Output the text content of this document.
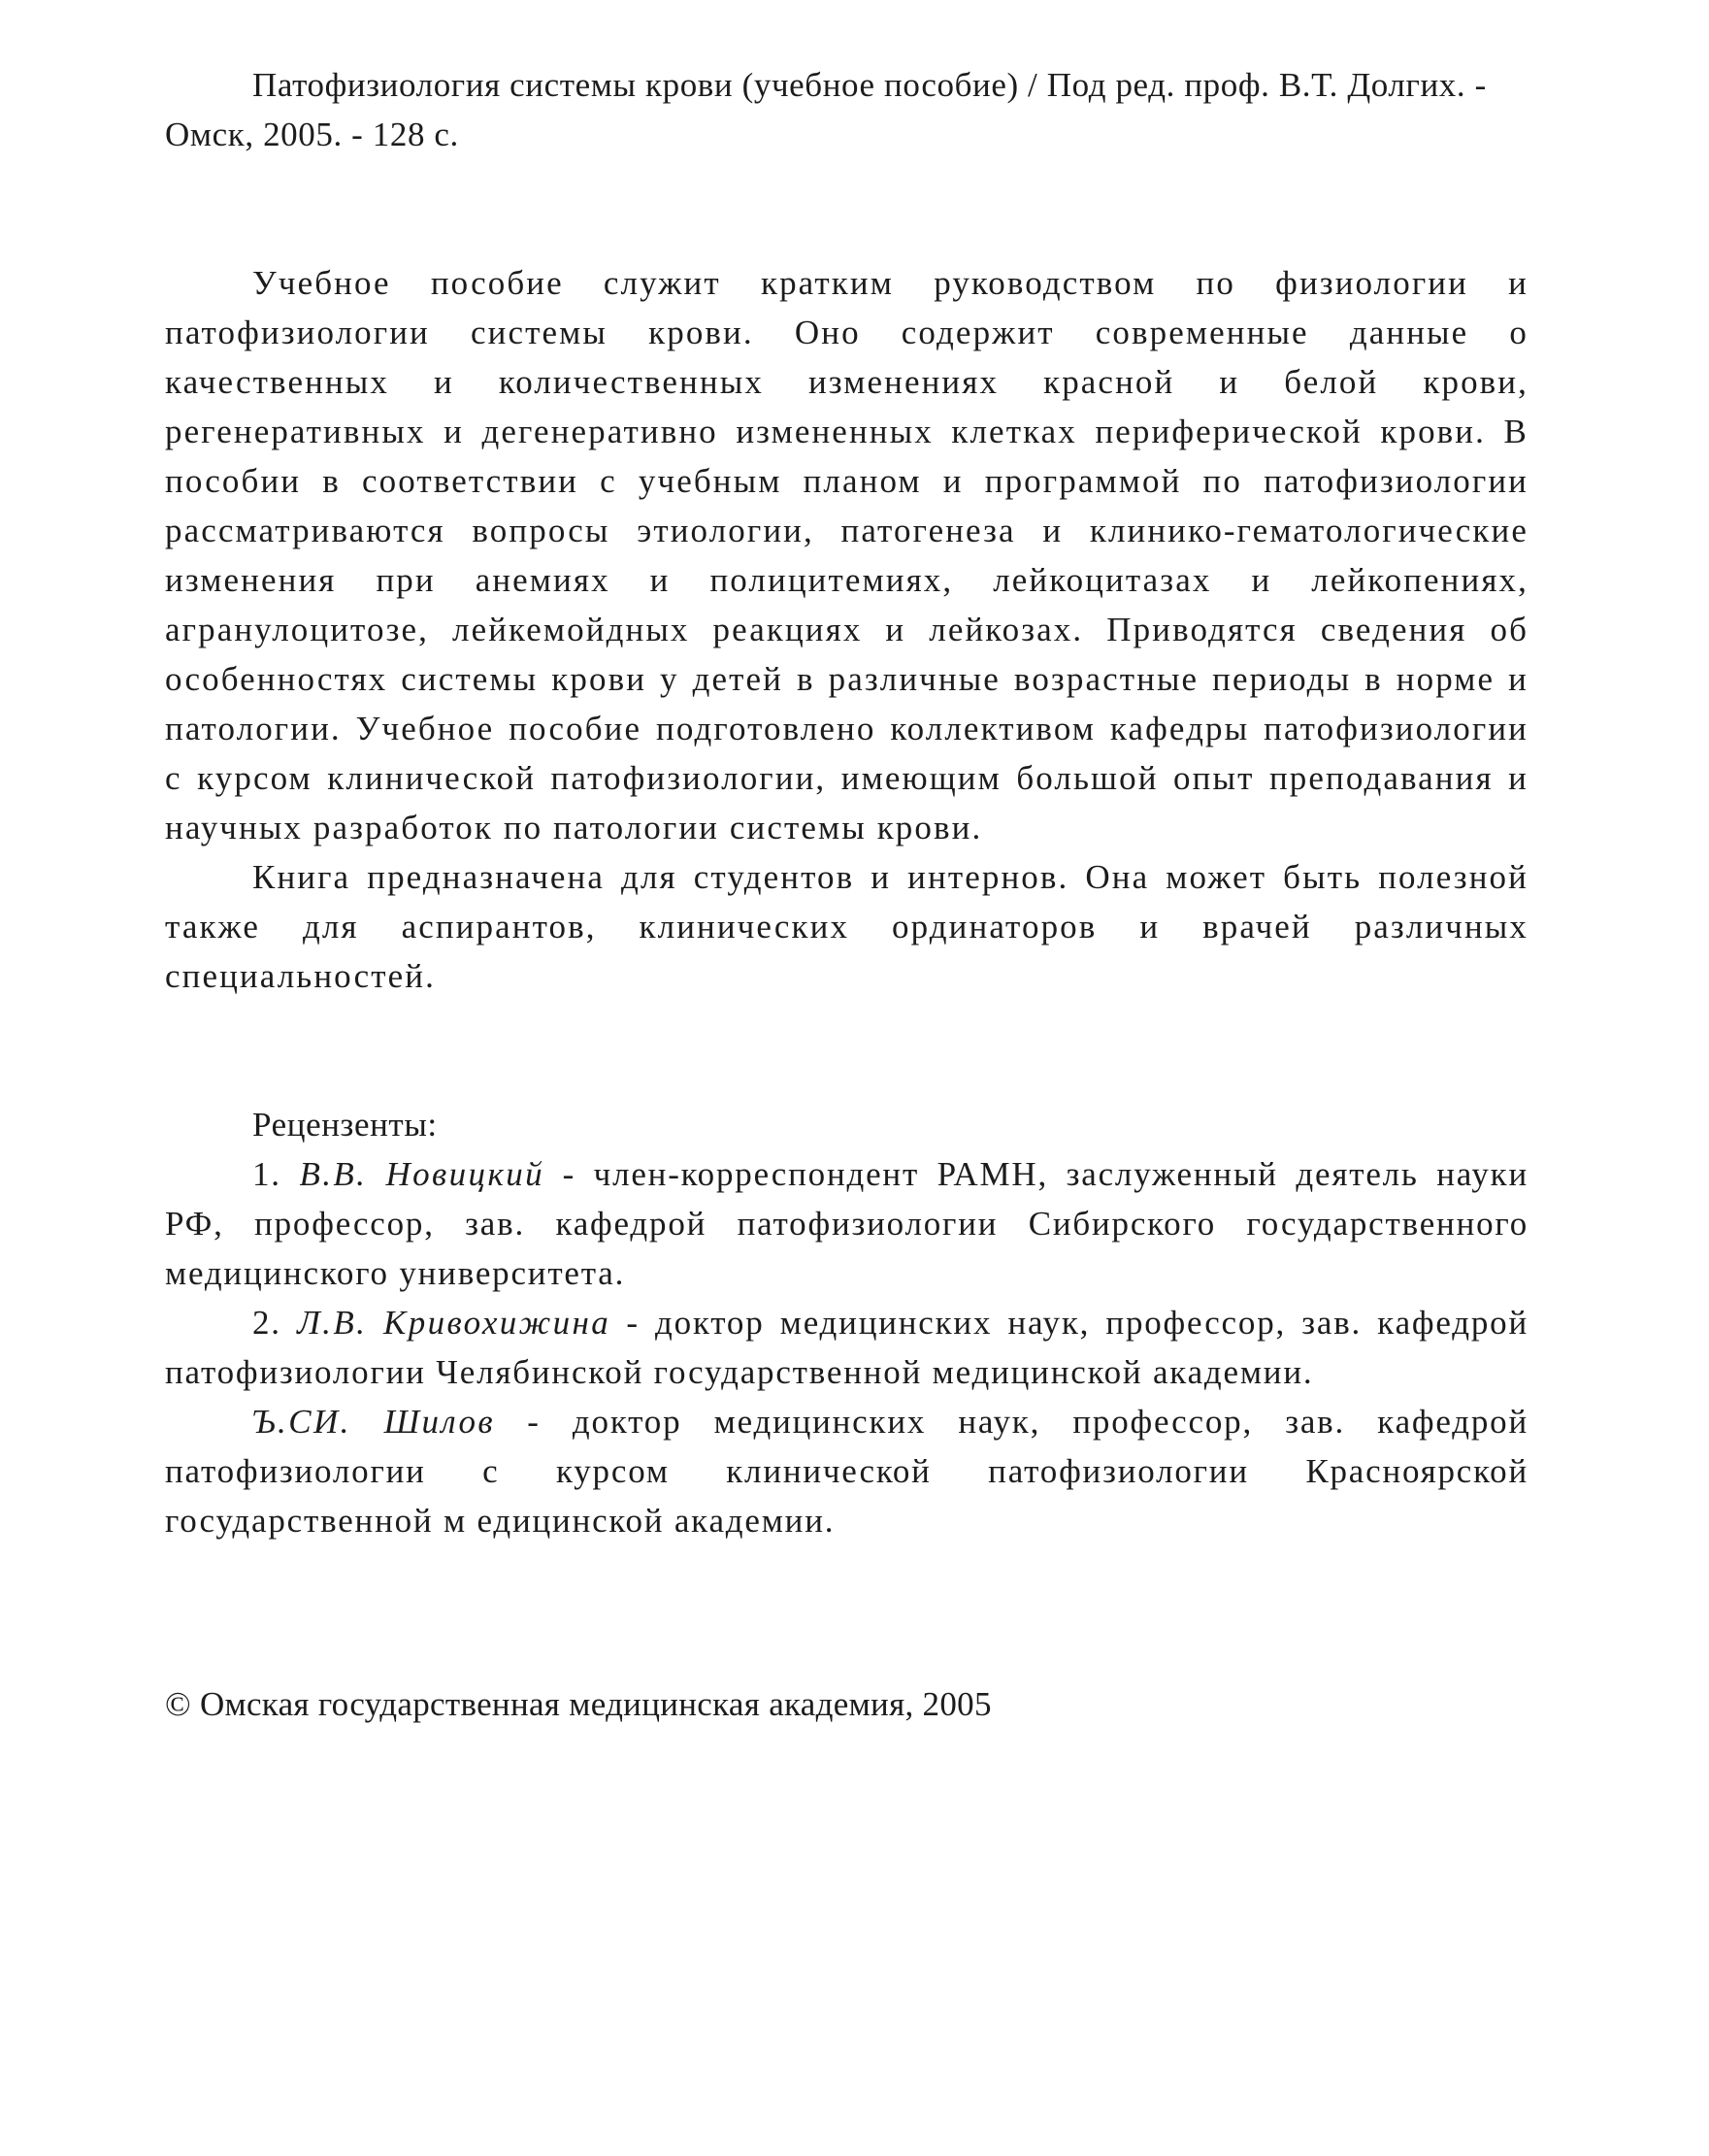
Патофизиология системы крови (учебное пособие) / Под ред. проф. В.Т. Долгих. - Омск, 2005. - 128 с.

Учебное пособие служит кратким руководством по физиологии и патофизиологии системы крови. Оно содержит современные данные о качественных и количественных изменениях красной и белой крови, регенеративных и дегенеративно измененных клетках периферической крови. В пособии в соответствии с учебным планом и программой по патофизиологии рассматриваются вопросы этиологии, патогенеза и клинико-гематологические изменения при анемиях и полицитемиях, лейкоцитазах и лейкопениях, агранулоцитозе, лейкемойдных реакциях и лейкозах. Приводятся сведения об особенностях системы крови у детей в различные возрастные периоды в норме и патологии. Учебное пособие подготовлено коллективом кафедры патофизиологии с курсом клинической патофизиологии, имеющим большой опыт преподавания и научных разработок по патологии системы крови.

Книга предназначена для студентов и интернов. Она может быть полезной также для аспирантов, клинических ординаторов и врачей различных специальностей.

Рецензенты:

1. В.В. Новицкий - член-корреспондент РАМН, заслуженный деятель науки РФ, профессор, зав. кафедрой патофизиологии Сибирского государственного медицинского университета.

2. Л.В. Кривохижина - доктор медицинских наук, профессор, зав. кафедрой патофизиологии Челябинской государственной медицинской академии.

Ъ.СИ. Шилов - доктор медицинских наук, профессор, зав. кафедрой патофизиологии с курсом клинической патофизиологии Красноярской государственной м едицинской академии.

© Омская государственная медицинская академия, 2005
